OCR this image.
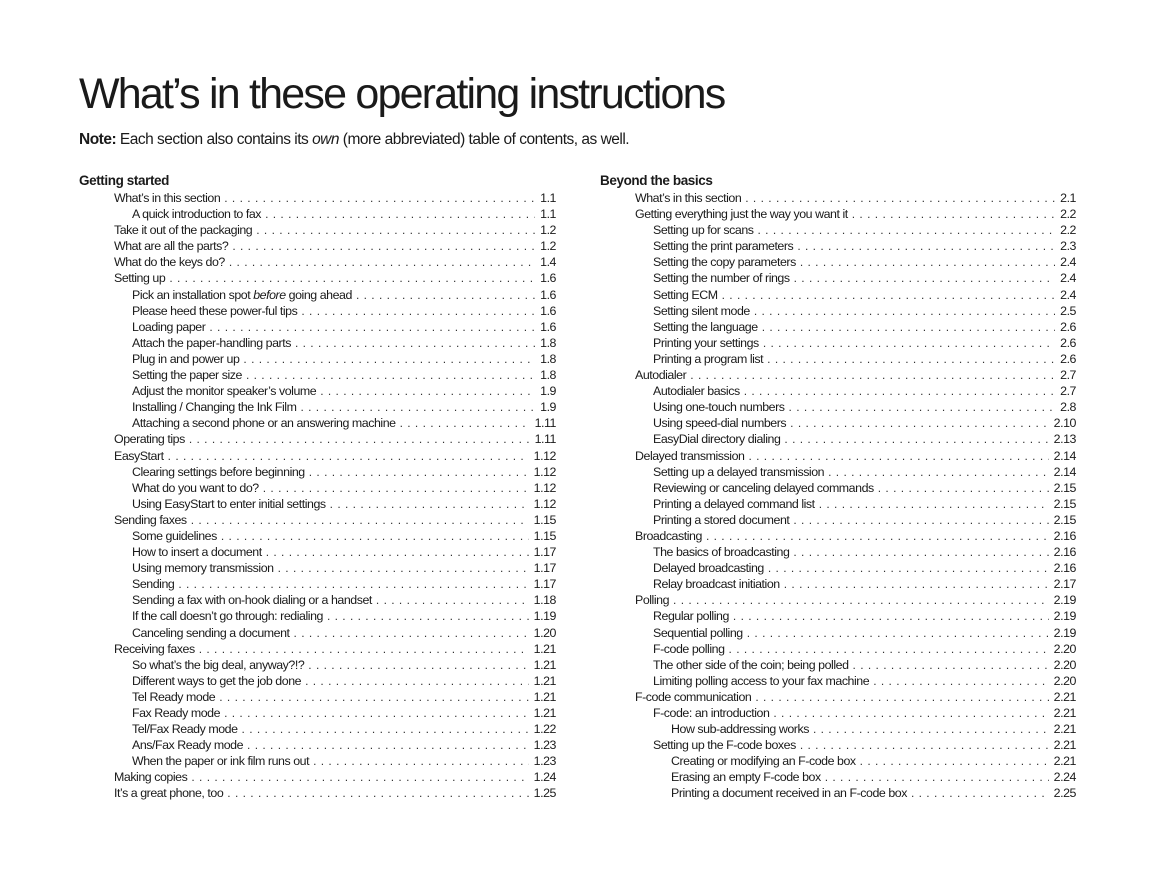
What’s in these operating instructions
Note: Each section also contains its own (more abbreviated) table of contents, as well.
Getting started
What’s in this section . . .	1.1
A quick introduction to fax . . .	1.1
Take it out of the packaging . . .	1.2
What are all the parts? . . .	1.2
What do the keys do? . . .	1.4
Setting up . . .	1.6
Pick an installation spot before going ahead . . .	1.6
Please heed these power-ful tips . . .	1.6
Loading paper . . .	1.6
Attach the paper-handling parts . . .	1.8
Plug in and power up . . .	1.8
Setting the paper size . . .	1.8
Adjust the monitor speaker’s volume . . .	1.9
Installing / Changing the Ink Film . . .	1.9
Attaching a second phone or an answering machine . . .	1.11
Operating tips . . .	1.11
EasyStart . . .	1.12
Clearing settings before beginning . . .	1.12
What do you want to do? . . .	1.12
Using EasyStart to enter initial settings . . .	1.12
Sending faxes . . .	1.15
Some guidelines . . .	1.15
How to insert a document . . .	1.17
Using memory transmission . . .	1.17
Sending . . .	1.17
Sending a fax with on-hook dialing or a handset . . .	1.18
If the call doesn’t go through: redialing . . .	1.19
Canceling sending a document . . .	1.20
Receiving faxes . . .	1.21
So what’s the big deal, anyway?!? . . .	1.21
Different ways to get the job done . . .	1.21
Tel Ready mode . . .	1.21
Fax Ready mode . . .	1.21
Tel/Fax Ready mode . . .	1.22
Ans/Fax Ready mode . . .	1.23
When the paper or ink film runs out . . .	1.23
Making copies . . .	1.24
It’s a great phone, too . . .	1.25
Beyond the basics
What’s in this section . . .	2.1
Getting everything just the way you want it . . .	2.2
Setting up for scans . . .	2.2
Setting the print parameters . . .	2.3
Setting the copy parameters . . .	2.4
Setting the number of rings . . .	2.4
Setting ECM . . .	2.4
Setting silent mode . . .	2.5
Setting the language . . .	2.6
Printing your settings . . .	2.6
Printing a program list . . .	2.6
Autodialer . . .	2.7
Autodialer basics . . .	2.7
Using one-touch numbers . . .	2.8
Using speed-dial numbers . . .	2.10
EasyDial directory dialing . . .	2.13
Delayed transmission . . .	2.14
Setting up a delayed transmission . . .	2.14
Reviewing or canceling delayed commands . . .	2.15
Printing a delayed command list . . .	2.15
Printing a stored document . . .	2.15
Broadcasting . . .	2.16
The basics of broadcasting . . .	2.16
Delayed broadcasting . . .	2.16
Relay broadcast initiation . . .	2.17
Polling . . .	2.19
Regular polling . . .	2.19
Sequential polling . . .	2.19
F-code polling . . .	2.20
The other side of the coin; being polled . . .	2.20
Limiting polling access to your fax machine . . .	2.20
F-code communication . . .	2.21
F-code: an introduction . . .	2.21
How sub-addressing works . . .	2.21
Setting up the F-code boxes . . .	2.21
Creating or modifying an F-code box . . .	2.21
Erasing an empty F-code box . . .	2.24
Printing a document received in an F-code box . . .	2.25
